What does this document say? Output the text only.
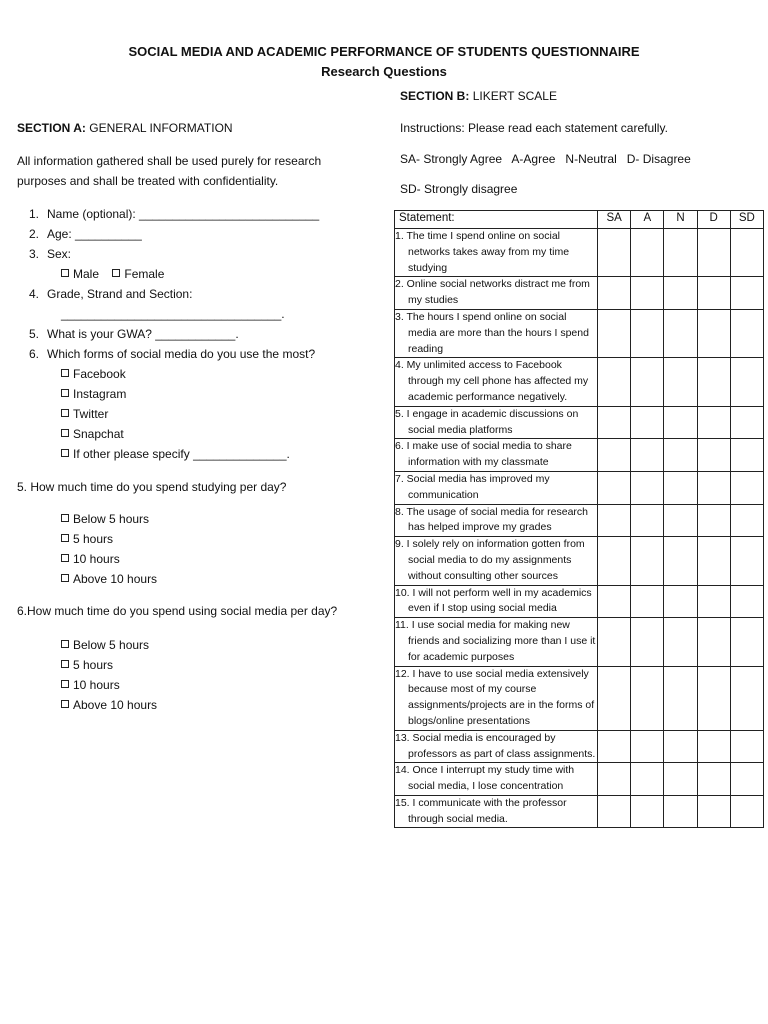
SOCIAL MEDIA AND ACADEMIC PERFORMANCE OF STUDENTS QUESTIONNAIRE
Research Questions
SECTION A: GENERAL INFORMATION
All information gathered shall be used purely for research purposes and shall be treated with confidentiality.
1. Name (optional): ___________________________
2. Age: __________
3. Sex:
Male Female
4. Grade, Strand and Section:
_________________________________.
5. What is your GWA? ____________.
6. Which forms of social media do you use the most?
Facebook
Instagram
Twitter
Snapchat
If other please specify ______________.
5. How much time do you spend studying per day?
Below 5 hours
5 hours
10 hours
Above 10 hours
6.How much time do you spend using social media per day?
Below 5 hours
5 hours
10 hours
Above 10 hours
SECTION B: LIKERT SCALE
Instructions: Please read each statement carefully.
SA- Strongly Agree   A-Agree   N-Neutral   D- Disagree
SD- Strongly disagree
Statement:	SA	A	N	D	SD

1. The time I spend online on social networks takes away from my time studying					

2. Online social networks distract me from my studies					

3. The hours I spend online on social media are more than the hours I spend reading					

4. My unlimited access to Facebook through my cell phone has affected my academic performance negatively.					

5. I engage in academic discussions on social media platforms					

6. I make use of social media to share information with my classmate					

7. Social media has improved my communication					

8. The usage of social media for research has helped improve my grades					

9. I solely rely on information gotten from social media to do my assignments without consulting other sources					

10. I will not perform well in my academics even if I stop using social media					

11. I use social media for making new friends and socializing more than I use it for academic purposes					

12. I have to use social media extensively because most of my course assignments/projects are in the forms of blogs/online presentations					

13. Social media is encouraged by professors as part of class assignments.					

14. Once I interrupt my study time with social media, I lose concentration					

15. I communicate with the professor through social media.					
